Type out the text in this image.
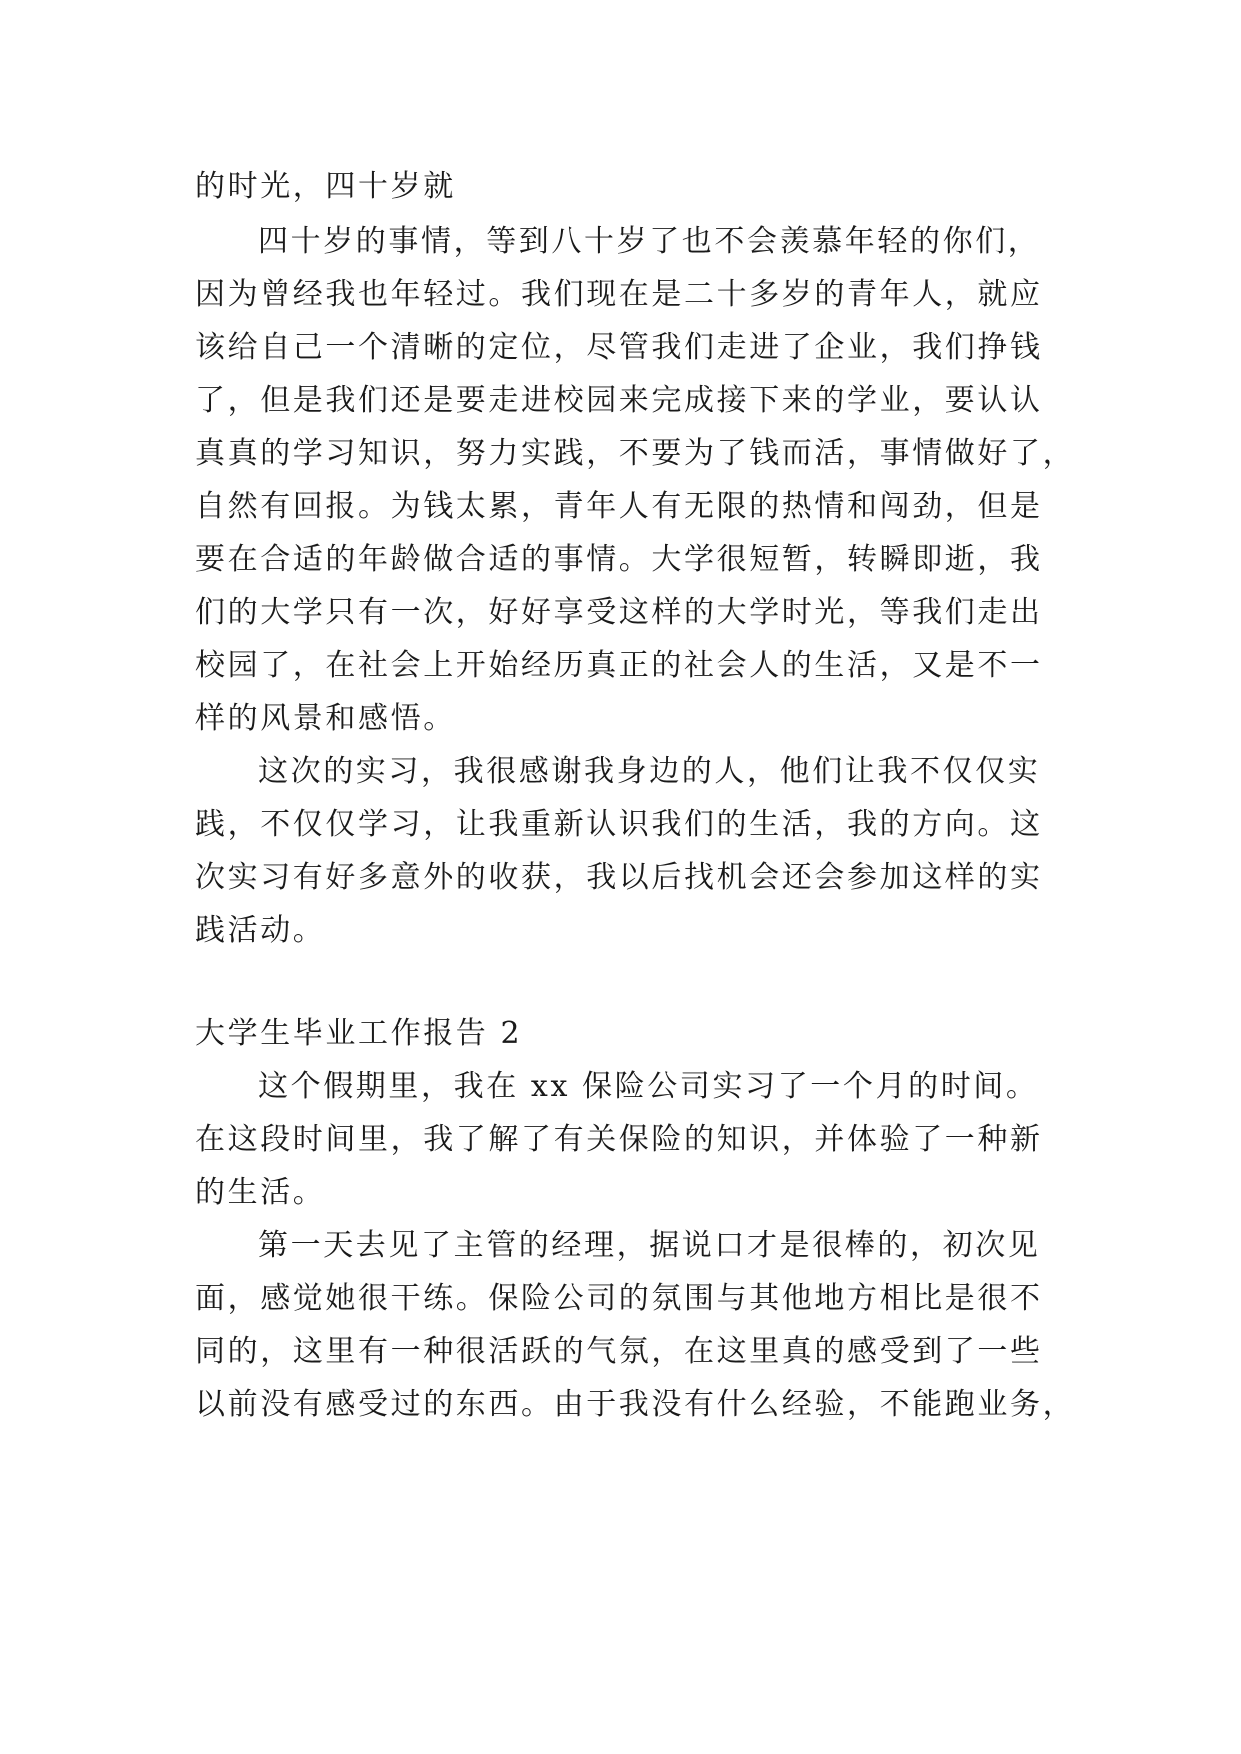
的时光，四十岁就
四十岁的事情，等到八十岁了也不会羡慕年轻的你们，
因为曾经我也年轻过。我们现在是二十多岁的青年人，就应
该给自己一个清晰的定位，尽管我们走进了企业，我们挣钱
了，但是我们还是要走进校园来完成接下来的学业，要认认
真真的学习知识，努力实践，不要为了钱而活，事情做好了，
自然有回报。为钱太累，青年人有无限的热情和闯劲，但是
要在合适的年龄做合适的事情。大学很短暂，转瞬即逝，我
们的大学只有一次，好好享受这样的大学时光，等我们走出
校园了，在社会上开始经历真正的社会人的生活，又是不一
样的风景和感悟。
这次的实习，我很感谢我身边的人，他们让我不仅仅实
践，不仅仅学习，让我重新认识我们的生活，我的方向。这
次实习有好多意外的收获，我以后找机会还会参加这样的实
践活动。
大学生毕业工作报告 2
这个假期里，我在 xx 保险公司实习了一个月的时间。
在这段时间里，我了解了有关保险的知识，并体验了一种新
的生活。
第一天去见了主管的经理，据说口才是很棒的，初次见
面，感觉她很干练。保险公司的氛围与其他地方相比是很不
同的，这里有一种很活跃的气氛，在这里真的感受到了一些
以前没有感受过的东西。由于我没有什么经验，不能跑业务，
